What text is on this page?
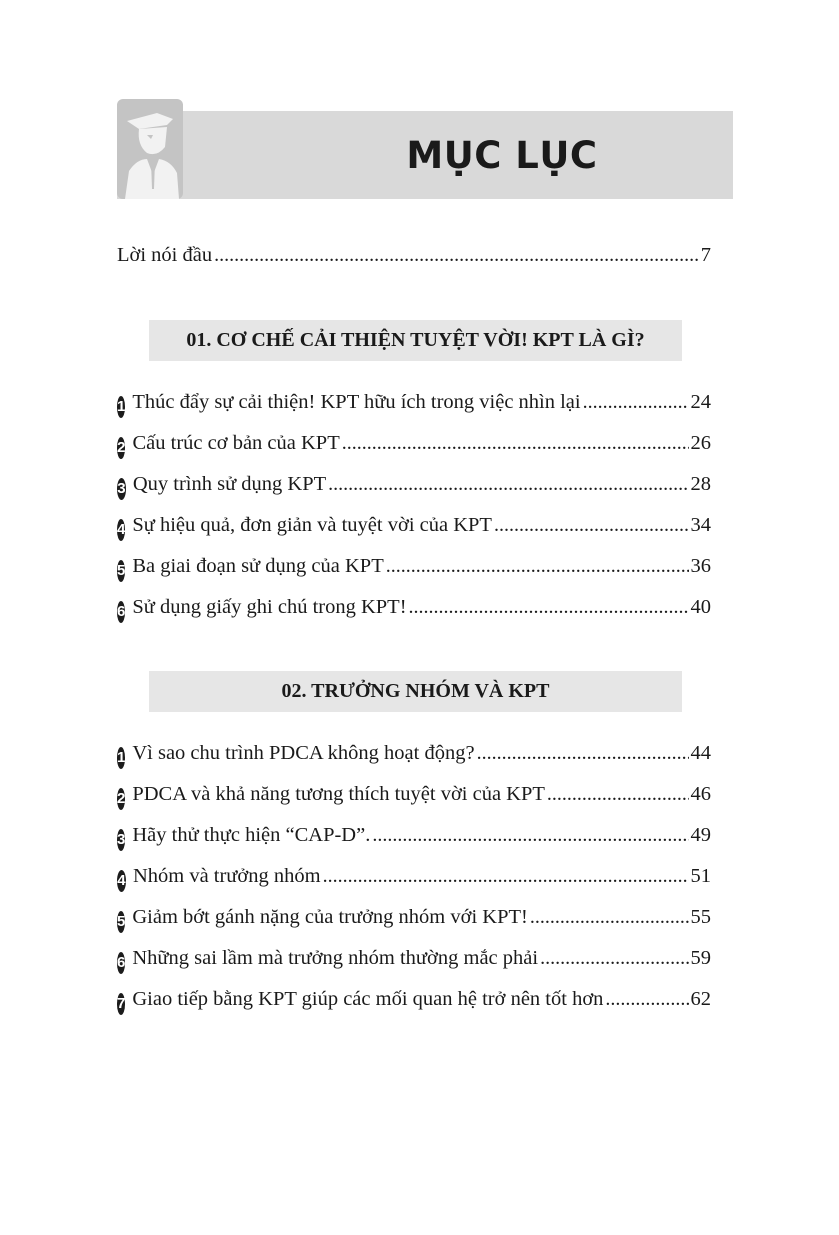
MỤC LỤC
Lời nói đầu .....	7
01. CƠ CHẾ CẢI THIỆN TUYỆT VỜI! KPT LÀ GÌ?
1 Thúc đẩy sự cải thiện! KPT hữu ích trong việc nhìn lại .....	24
2 Cấu trúc cơ bản của KPT .....	26
3 Quy trình sử dụng KPT .....	28
4 Sự hiệu quả, đơn giản và tuyệt vời của KPT .....	34
5 Ba giai đoạn sử dụng của KPT .....	36
6 Sử dụng giấy ghi chú trong KPT! .....	40
02. TRƯỞNG NHÓM VÀ KPT
1 Vì sao chu trình PDCA không hoạt động? .....	44
2 PDCA và khả năng tương thích tuyệt vời của KPT .....	46
3 Hãy thử thực hiện “CAP-D”. .....	49
4 Nhóm và trưởng nhóm .....	51
5 Giảm bớt gánh nặng của trưởng nhóm với KPT! .....	55
6 Những sai lầm mà trưởng nhóm thường mắc phải .....	59
7 Giao tiếp bằng KPT giúp các mối quan hệ trở nên tốt hơn .....	62
